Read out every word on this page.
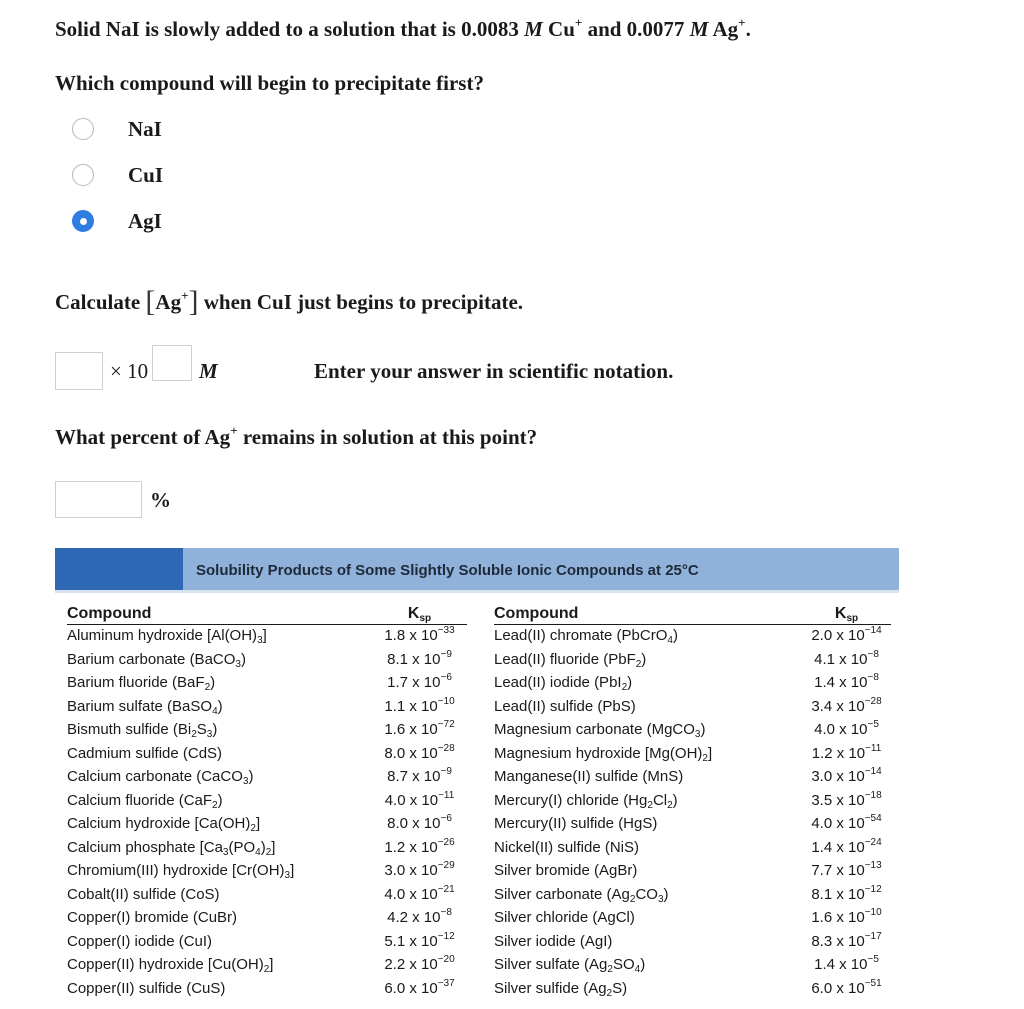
Solid NaI is slowly added to a solution that is 0.0083 M Cu+ and 0.0077 M Ag+.
Which compound will begin to precipitate first?
NaI
CuI
AgI
Calculate [Ag+] when CuI just begins to precipitate.
× 10 M	Enter your answer in scientific notation.
What percent of Ag+ remains in solution at this point?
%
Solubility Products of Some Slightly Soluble Ionic Compounds at 25°C
Compound
Aluminum hydroxide $[Al(OH)_3]$
Barium carbonate (BaCO$_3$)
Barium fluoride (BaF$_2$)
Barium sulfate (BaSO$_4$)
Bismuth sulfide $(Bi_2S_3)$
Cadmium sulfide (CdS)
Calcium carbonate (CaCO$_3$)
Calcium fluoride (CaF$_2$)
Calcium hydroxide $[Ca(OH)_2]$
Calcium phosphate $[Ca_3(PO_4)_2]$
Chromium(III) hydroxide $[Cr(OH)_3]$
Cobalt(II) sulfide (CoS)
Copper(I) bromide (CuBr)
Copper(I) iodide (CuI)
Copper(II) hydroxide $[Cu(OH)_2]$
Copper(II) sulfide (CuS)
$K_{sp}$
1.8 x $10^{-33}$
8.1 x $10^{-9}$
1.7 x $10^{-6}$
1.1 x $10^{-10}$
1.6 x $10^{-72}$
8.0 x $10^{-28}$
8.7 x $10^{-9}$
4.0 x $10^{-11}$
8.0 x $10^{-6}$
1.2 x $10^{-26}$
3.0 x $10^{-29}$
4.0 x $10^{-21}$
4.2 x $10^{-8}$
5.1 x $10^{-12}$
2.2 x $10^{-20}$
6.0 x $10^{-37}$
Compound
Lead(II) chromate (PbCrO$_4$)
Lead(II) fluoride (PbF$_2$)
Lead(II) iodide (PbI$_2$)
Lead(II) sulfide (PbS)
Magnesium carbonate (MgCO$_3$)
Magnesium hydroxide $[Mg(OH)_2]$
Manganese(II) sulfide (MnS)
Mercury(I) chloride $(Hg_2Cl_2)$
Mercury(II) sulfide (HgS)
Nickel(II) sulfide (NiS)
Silver bromide (AgBr)
Silver carbonate $(Ag_2CO_3)$
Silver chloride (AgCl)
Silver iodide (AgI)
Silver sulfate $(Ag_2SO_4)$
Silver sulfide $(Ag_2S)$
$K_{sp}$
2.0 x $10^{-14}$
4.1 x $10^{-8}$
1.4 x $10^{-8}$
3.4 x $10^{-28}$
4.0 x $10^{-5}$
1.2 x $10^{-11}$
3.0 x $10^{-14}$
3.5 x $10^{-18}$
4.0 x $10^{-54}$
1.4 x $10^{-24}$
7.7 x $10^{-13}$
8.1 x $10^{-12}$
1.6 x $10^{-10}$
8.3 x $10^{-17}$
1.4 x $10^{-5}$
6.0 x $10^{-51}$
